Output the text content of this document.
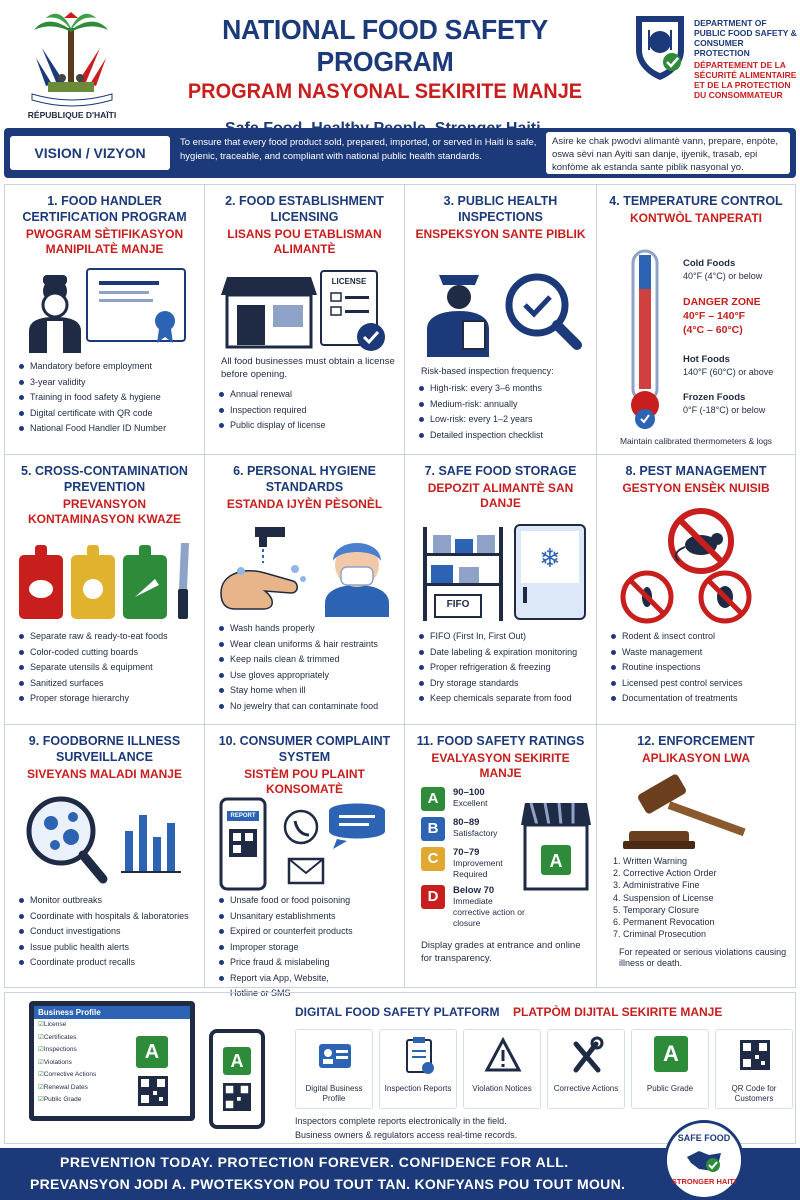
RÉPUBLIQUE D'HAÏTI
NATIONAL FOOD SAFETY PROGRAM
PROGRAM NASYONAL SEKIRITE MANJE
DEPARTMENT OF PUBLIC FOOD SAFETY & CONSUMER PROTECTION
DÉPARTEMENT DE LA SÉCURITÉ ALIMENTAIRE ET DE LA PROTECTION DU CONSOMMATEUR
VISION / VIZYON
To ensure that every food product sold, prepared, imported, or served in Haiti is safe, hygienic, traceable, and compliant with national public health standards.
Asire ke chak pwodvi alimantè vann, prepare, enpòte, oswa sèvi nan Ayiti san danje, ijyenik, trasab, epi konfòme ak estanda sante piblik nasyonal yo.
1. FOOD HANDLER CERTIFICATION PROGRAM
PWOGRAM SÈTIFIKASYON MANIPILATÈ MANJE
Mandatory before employment
3-year validity
Training in food safety & hygiene
Digital certificate with QR code
National Food Handler ID Number
2. FOOD ESTABLISHMENT LICENSING
LISANS POU ETABLISMAN ALIMANTÈ
LICENSE
All food businesses must obtain a license before opening.
Annual renewal
Inspection required
Public display of license
3. PUBLIC HEALTH INSPECTIONS
ENSPEKSYON SANTE PIBLIK
Risk-based inspection frequency:
High-risk: every 3–6 months
Medium-risk: annually
Low-risk: every 1–2 years
Detailed inspection checklist
4. TEMPERATURE CONTROL
KONTWÒL TANPERATI
Cold Foods
40°F (4°C) or below
DANGER ZONE
40°F – 140°F
(4°C – 60°C)
Hot Foods
140°F (60°C) or above
Frozen Foods
0°F (-18°C) or below
Maintain calibrated thermometers & logs
5. CROSS-CONTAMINATION PREVENTION
PREVANSYON KONTAMINASYON KWAZE
Separate raw & ready-to-eat foods
Color-coded cutting boards
Separate utensils & equipment
Sanitized surfaces
Proper storage hierarchy
6. PERSONAL HYGIENE STANDARDS
ESTANDA IJYÈN PÈSONÈL
Wash hands properly
Wear clean uniforms & hair restraints
Keep nails clean & trimmed
Use gloves appropriately
Stay home when ill
No jewelry that can contaminate food
7. SAFE FOOD STORAGE
DEPOZIT ALIMANTÈ SAN DANJE
❄
FIFO
FIFO (First In, First Out)
Date labeling & expiration monitoring
Proper refrigeration & freezing
Dry storage standards
Keep chemicals separate from food
8. PEST MANAGEMENT
GESTYON ENSÈK NUISIB
Rodent & insect control
Waste management
Routine inspections
Licensed pest control services
Documentation of treatments
9. FOODBORNE ILLNESS SURVEILLANCE
SIVEYANS MALADI MANJE
Monitor outbreaks
Coordinate with hospitals & laboratories
Conduct investigations
Issue public health alerts
Coordinate product recalls
10. CONSUMER COMPLAINT SYSTEM
SISTÈM POU PLAINT KONSOMATÈ
REPORT
Unsafe food or food poisoning
Unsanitary establishments
Expired or counterfeit products
Improper storage
Price fraud & mislabeling
Report via App, Website, Hotline or SMS
11. FOOD SAFETY RATINGS
EVALYASYON SEKIRITE MANJE
A	90–100
Excellent
B	80–89
Satisfactory
C	70–79
Improvement Required
D	Below 70
Immediate corrective action or closure
A
Display grades at entrance and online for transparency.
12. ENFORCEMENT
APLIKASYON LWA
1. Written Warning
2. Corrective Action Order
3. Administrative Fine
4. Suspension of License
5. Temporary Closure
6. Permanent Revocation
7. Criminal Prosecution
For repeated or serious violations causing illness or death.
Business Profile
☑ License
☑ Certificates
☑ Inspections
☑ Violations
☑ Corrective Actions
☑ Renewal Dates
☑ Public Grade
A	A
DIGITAL FOOD SAFETY PLATFORM PLATPÒM DIJITAL SEKIRITE MANJE
Digital Business Profile
Inspection Reports	Violation Notices	Corrective Actions
A
Public Grade	QR Code for Customers
Inspectors complete reports electronically in the field.
Business owners & regulators access real-time records.
PREVENTION TODAY. PROTECTION FOREVER. CONFIDENCE FOR ALL.
PREVANSYON JODI A. PWOTEKSYON POU TOUT TAN. KONFYANS POU TOUT MOUN.
SAFE FOOD
STRONGER HAITI
